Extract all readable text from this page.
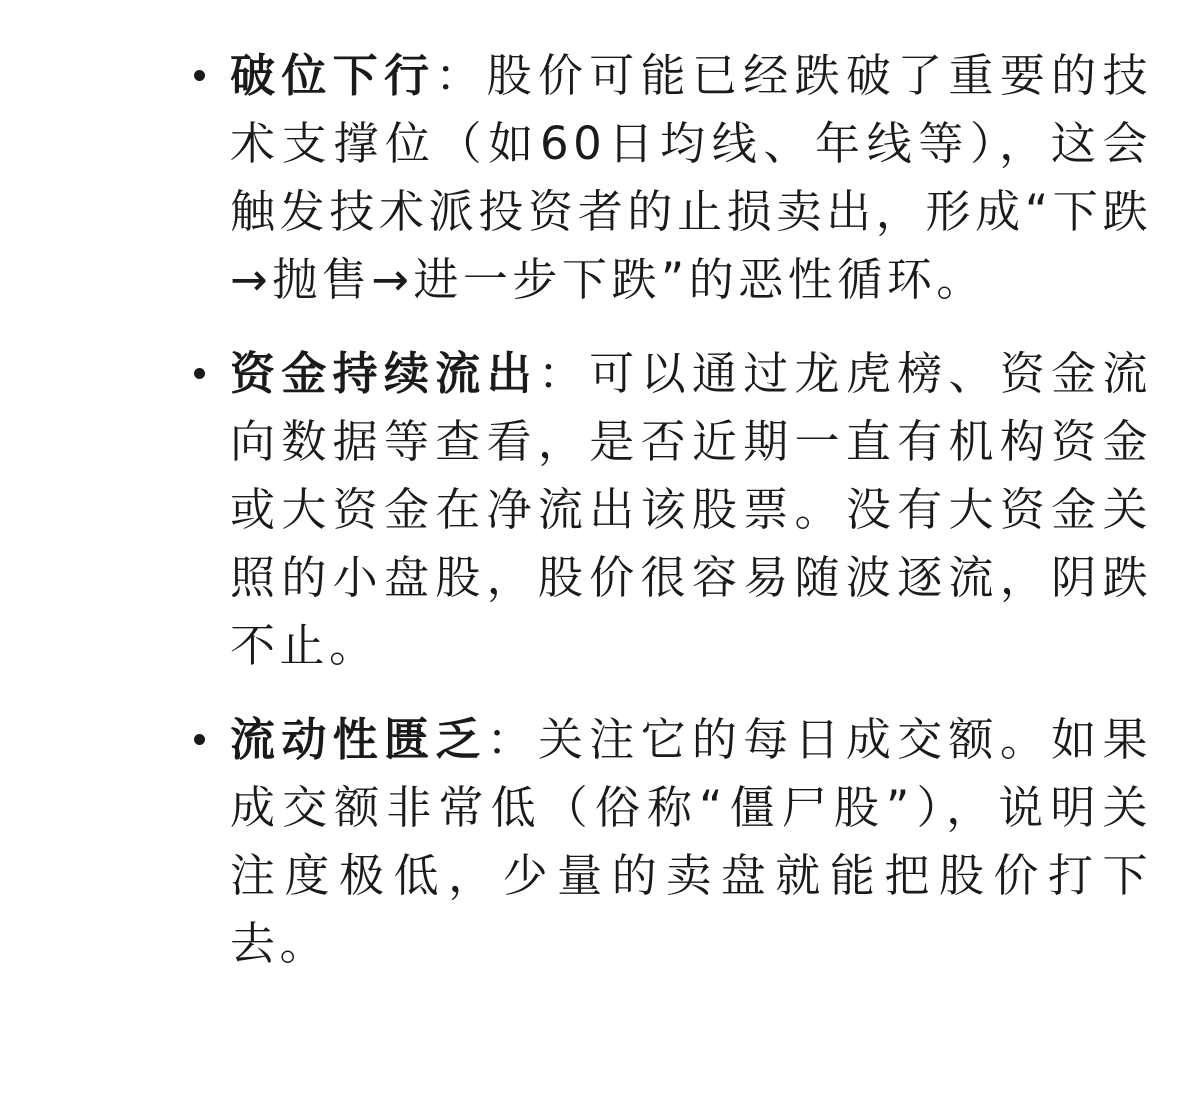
破位下行：股价可能已经跌破了重要的技术支撑位（如60日均线、年线等），这会触发技术派投资者的止损卖出，形成“下跌→抛售→进一步下跌”的恶性循环。
资金持续流出：可以通过龙虎榜、资金流向数据等查看，是否近期一直有机构资金或大资金在净流出该股票。没有大资金关照的小盘股，股价很容易随波逐流，阴跌不止。
流动性匮乏：关注它的每日成交额。如果成交额非常低（俗称“僵尸股”），说明关注度极低，少量的卖盘就能把股价打下去。
